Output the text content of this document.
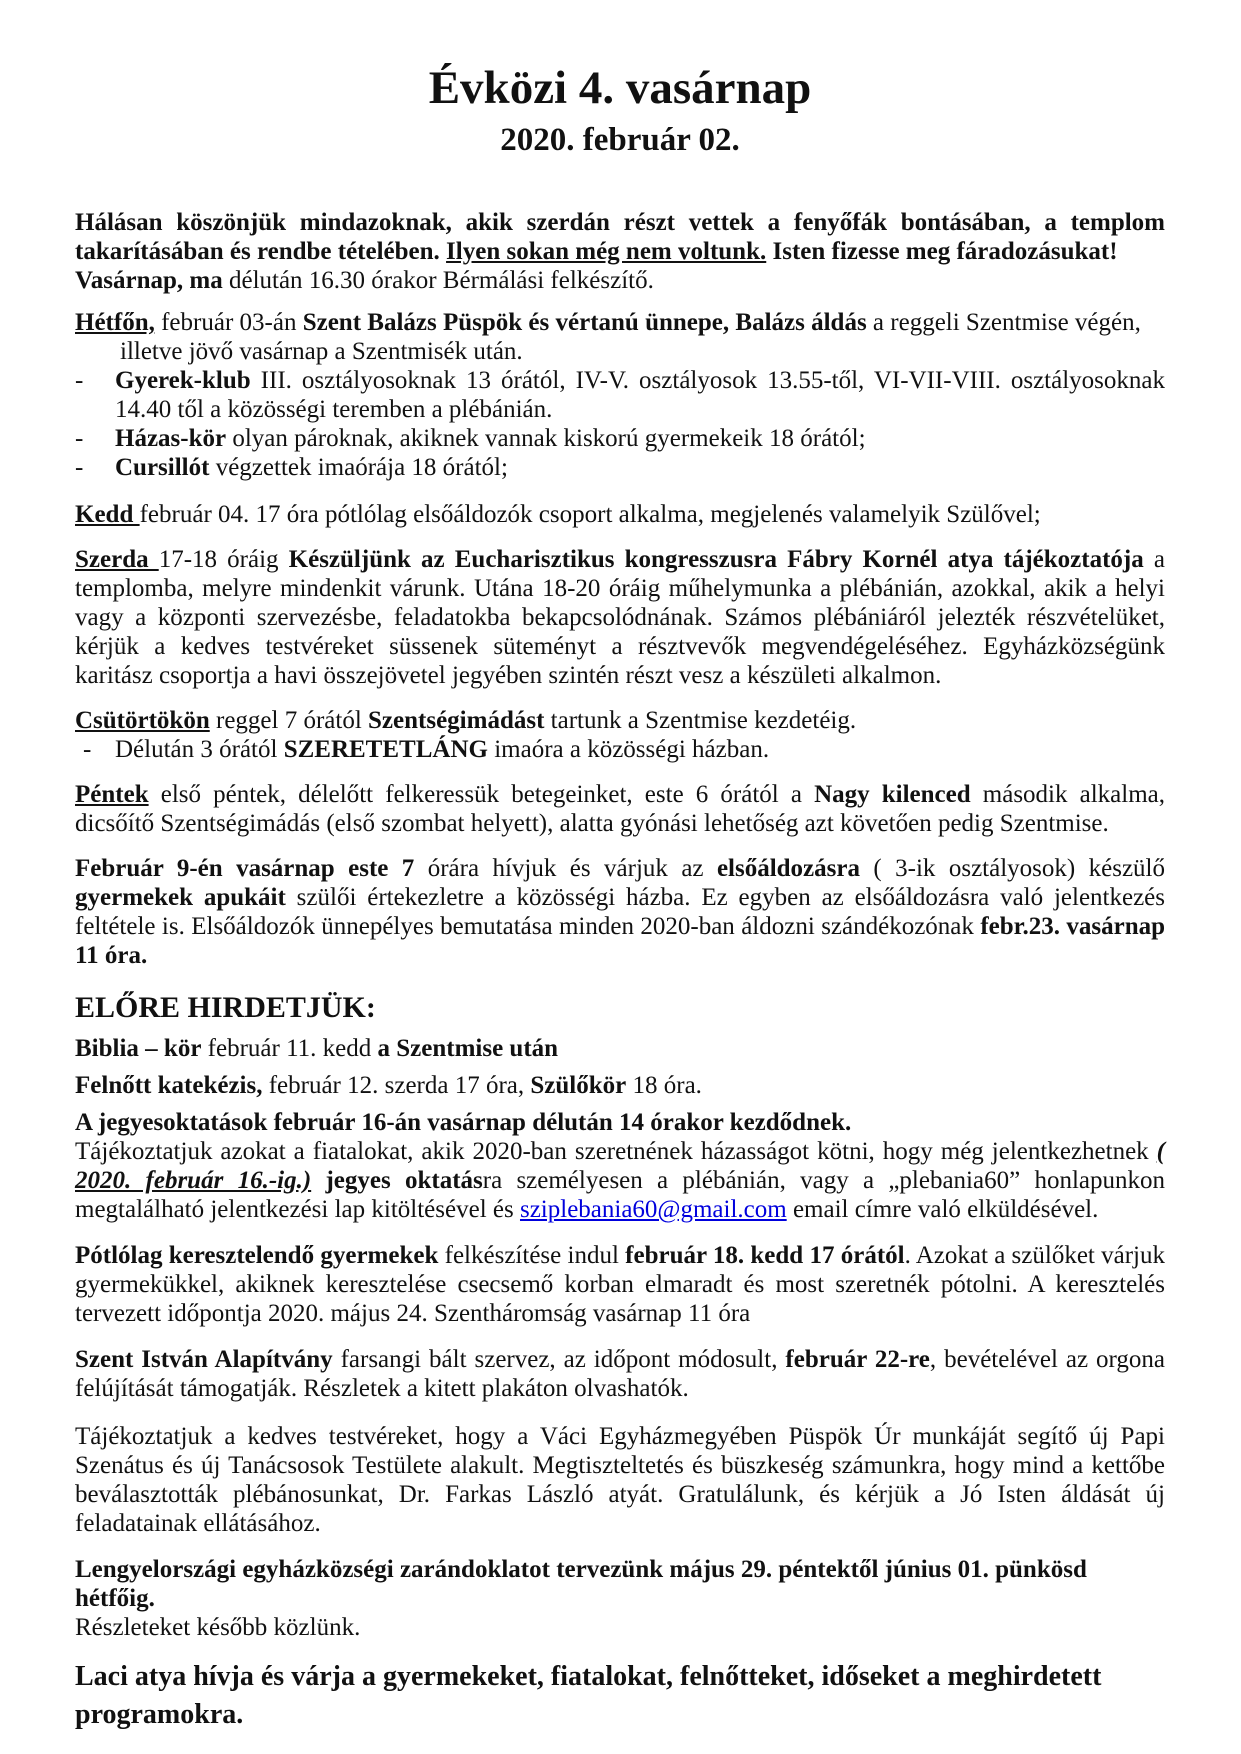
Évközi 4. vasárnap
2020. február 02.

Hálásan köszönjük mindazoknak, akik szerdán részt vettek a fenyőfák bontásában, a templom takarításában és rendbe tételében. Ilyen sokan még nem voltunk. Isten fizesse meg fáradozásukat!
Vasárnap, ma délután 16.30 órakor Bérmálási felkészítő.

Hétfőn, február 03-án Szent Balázs Püspök és vértanú ünnepe, Balázs áldás a reggeli Szentmise végén, illetve jövő vasárnap a Szentmisék után.

-	Gyerek-klub III. osztályosoknak 13 órától, IV-V. osztályosok 13.55-től, VI-VII-VIII. osztályosoknak 14.40 től a közösségi teremben a plébánián.
-	Házas-kör olyan pároknak, akiknek vannak kiskorú gyermekeik 18 órától;
-	Cursillót végzettek imaórája 18 órától;

Kedd február 04. 17 óra pótlólag elsőáldozók csoport alkalma, megjelenés valamelyik Szülővel;

Szerda 17-18 óráig Készüljünk az Eucharisztikus kongresszusra Fábry Kornél atya tájékoztatója a templomba, melyre mindenkit várunk. Utána 18-20 óráig műhelymunka a plébánián, azokkal, akik a helyi vagy a központi szervezésbe, feladatokba bekapcsolódnának. Számos plébániáról jelezték részvételüket, kérjük a kedves testvéreket süssenek süteményt a résztvevők megvendégeléséhez. Egyházközségünk karitász csoportja a havi összejövetel jegyében szintén részt vesz a készületi alkalmon.

Csütörtökön reggel 7 órától Szentségimádást tartunk a Szentmise kezdetéig.

- Délután 3 órától SZERETETLÁNG imaóra a közösségi házban.

Péntek első péntek, délelőtt felkeressük betegeinket, este 6 órától a Nagy kilenced második alkalma, dicsőítő Szentségimádás (első szombat helyett), alatta gyónási lehetőség azt követően pedig Szentmise.

Február 9-én vasárnap este 7 órára hívjuk és várjuk az elsőáldozásra ( 3-ik osztályosok) készülő gyermekek apukáit szülői értekezletre a közösségi házba. Ez egyben az elsőáldozásra való jelentkezés feltétele is. Elsőáldozók ünnepélyes bemutatása minden 2020-ban áldozni szándékozónak febr.23. vasárnap 11 óra.

ELŐRE HIRDETJÜK:

Biblia – kör február 11. kedd a Szentmise után

Felnőtt katekézis, február 12. szerda 17 óra, Szülőkör 18 óra.

A jegyesoktatások február 16-án vasárnap délután 14 órakor kezdődnek.

Tájékoztatjuk azokat a fiatalokat, akik 2020-ban szeretnének házasságot kötni, hogy még jelentkezhetnek ( 2020. február 16.-ig.) jegyes oktatásra személyesen a plébánián, vagy a „plebania60” honlapunkon megtalálható jelentkezési lap kitöltésével és sziplebania60@gmail.com email címre való elküldésével.

Pótlólag keresztelendő gyermekek felkészítése indul február 18. kedd 17 órától. Azokat a szülőket várjuk gyermekükkel, akiknek keresztelése csecsemő korban elmaradt és most szeretnék pótolni. A keresztelés tervezett időpontja 2020. május 24. Szentháromság vasárnap 11 óra

Szent István Alapítvány farsangi bált szervez, az időpont módosult, február 22-re, bevételével az orgona felújítását támogatják. Részletek a kitett plakáton olvashatók.

Tájékoztatjuk a kedves testvéreket, hogy a Váci Egyházmegyében Püspök Úr munkáját segítő új Papi Szenátus és új Tanácsosok Testülete alakult. Megtiszteltetés és büszkeség számunkra, hogy mind a kettőbe beválasztották plébánosunkat, Dr. Farkas László atyát. Gratulálunk, és kérjük a Jó Isten áldását új feladatainak ellátásához.

Lengyelországi egyházközségi zarándoklatot tervezünk május 29. péntektől június 01. pünkösd hétfőig.
Részleteket később közlünk.

Laci atya hívja és várja a gyermekeket, fiatalokat, felnőtteket, időseket a meghirdetett programokra.
